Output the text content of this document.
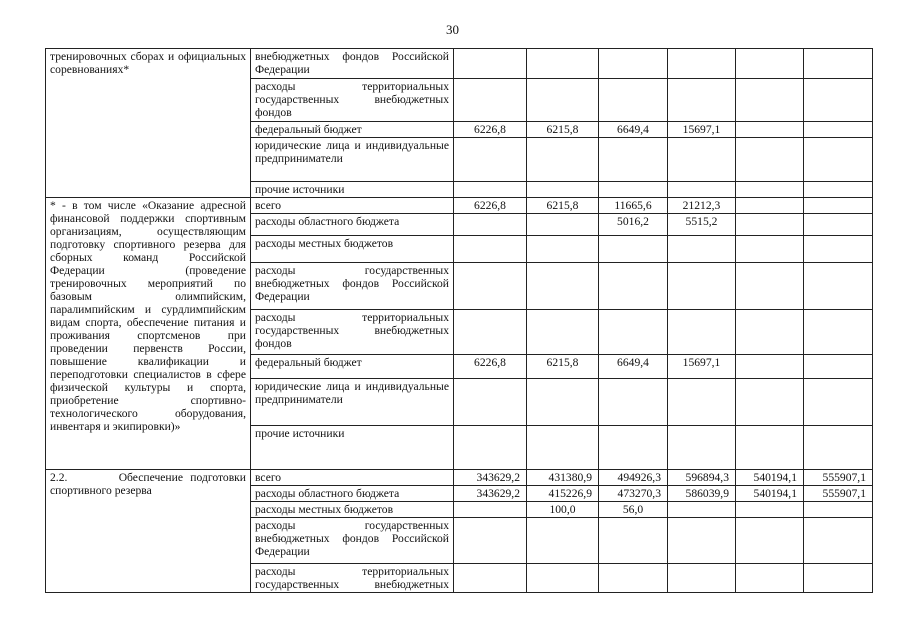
30
тренировочных сборах и официальных соревнованиях*	внебюджетных фондов Российской Федерации						
	расходы территориальных государственных внебюджетных фондов						
	федеральный бюджет	6226,8	6215,8	6649,4	15697,1		
	юридические лица и индивидуальные предприниматели						
	прочие источники						
* - в том числе «Оказание адресной финансовой поддержки спортивным организациям, осуществляющим подготовку спортивного резерва для сборных команд Российской Федерации (проведение тренировочных мероприятий по базовым олимпийским, паралимпийским и сурдлимпийским видам спорта, обеспечение питания и проживания спортсменов при проведении первенств России, повышение квалификации и переподготовки специалистов в сфере физической культуры и спорта, приобретение спортивно-технологического оборудования, инвентаря и экипировки)»	всего	6226,8	6215,8	11665,6	21212,3		
	расходы областного бюджета			5016,2	5515,2		
	расходы местных бюджетов						
	расходы государственных внебюджетных фондов Российской Федерации						
	расходы территориальных государственных внебюджетных фондов						
	федеральный бюджет	6226,8	6215,8	6649,4	15697,1		
	юридические лица и индивидуальные предприниматели						
	прочие источники						
2.2. Обеспечение подготовки спортивного резерва	всего	343629,2	431380,9	494926,3	596894,3	540194,1	555907,1
	расходы областного бюджета	343629,2	415226,9	473270,3	586039,9	540194,1	555907,1
	расходы местных бюджетов		100,0	56,0			
	расходы государственных внебюджетных фондов Российской Федерации						
	расходы территориальных государственных внебюджетных						
